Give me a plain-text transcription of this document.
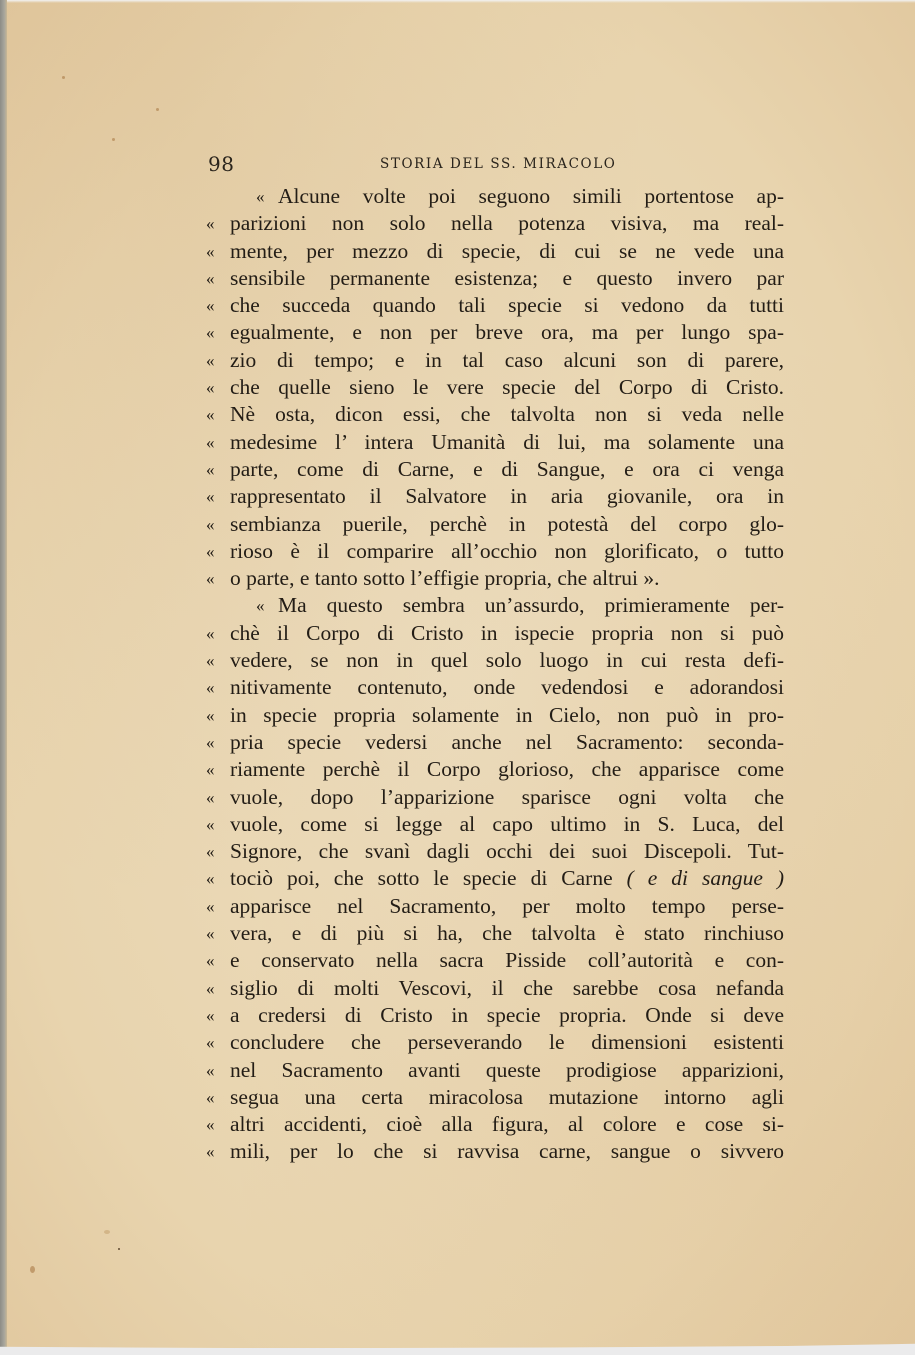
98	STORIA DEL SS. MIRACOLO
« Alcune volte poi seguono simili portentose ap-
« parizioni non solo nella potenza visiva, ma real-
« mente, per mezzo di specie, di cui se ne vede una
« sensibile permanente esistenza; e questo invero par
« che succeda quando tali specie si vedono da tutti
« egualmente, e non per breve ora, ma per lungo spa-
« zio di tempo; e in tal caso alcuni son di parere,
« che quelle sieno le vere specie del Corpo di Cristo.
« Nè osta, dicon essi, che talvolta non si veda nelle
« medesime l’ intera Umanità di lui, ma solamente una
« parte, come di Carne, e di Sangue, e ora ci venga
« rappresentato il Salvatore in aria giovanile, ora in
« sembianza puerile, perchè in potestà del corpo glo-
« rioso è il comparire all’occhio non glorificato, o tutto
« o parte, e tanto sotto l’effigie propria, che altrui ».
« Ma questo sembra un’assurdo, primieramente per-
« chè il Corpo di Cristo in ispecie propria non si può
« vedere, se non in quel solo luogo in cui resta defi-
« nitivamente contenuto, onde vedendosi e adorandosi
« in specie propria solamente in Cielo, non può in pro-
« pria specie vedersi anche nel Sacramento: seconda-
« riamente perchè il Corpo glorioso, che apparisce come
« vuole, dopo l’apparizione sparisce ogni volta che
« vuole, come si legge al capo ultimo in S. Luca, del
« Signore, che svanì dagli occhi dei suoi Discepoli. Tut-
« tociò poi, che sotto le specie di Carne ( e di sangue )
« apparisce nel Sacramento, per molto tempo perse-
« vera, e di più si ha, che talvolta è stato rinchiuso
« e conservato nella sacra Pisside coll’autorità e con-
« siglio di molti Vescovi, il che sarebbe cosa nefanda
« a credersi di Cristo in specie propria. Onde si deve
« concludere che perseverando le dimensioni esistenti
« nel Sacramento avanti queste prodigiose apparizioni,
« segua una certa miracolosa mutazione intorno agli
« altri accidenti, cioè alla figura, al colore e cose si-
« mili, per lo che si ravvisa carne, sangue o sivvero
